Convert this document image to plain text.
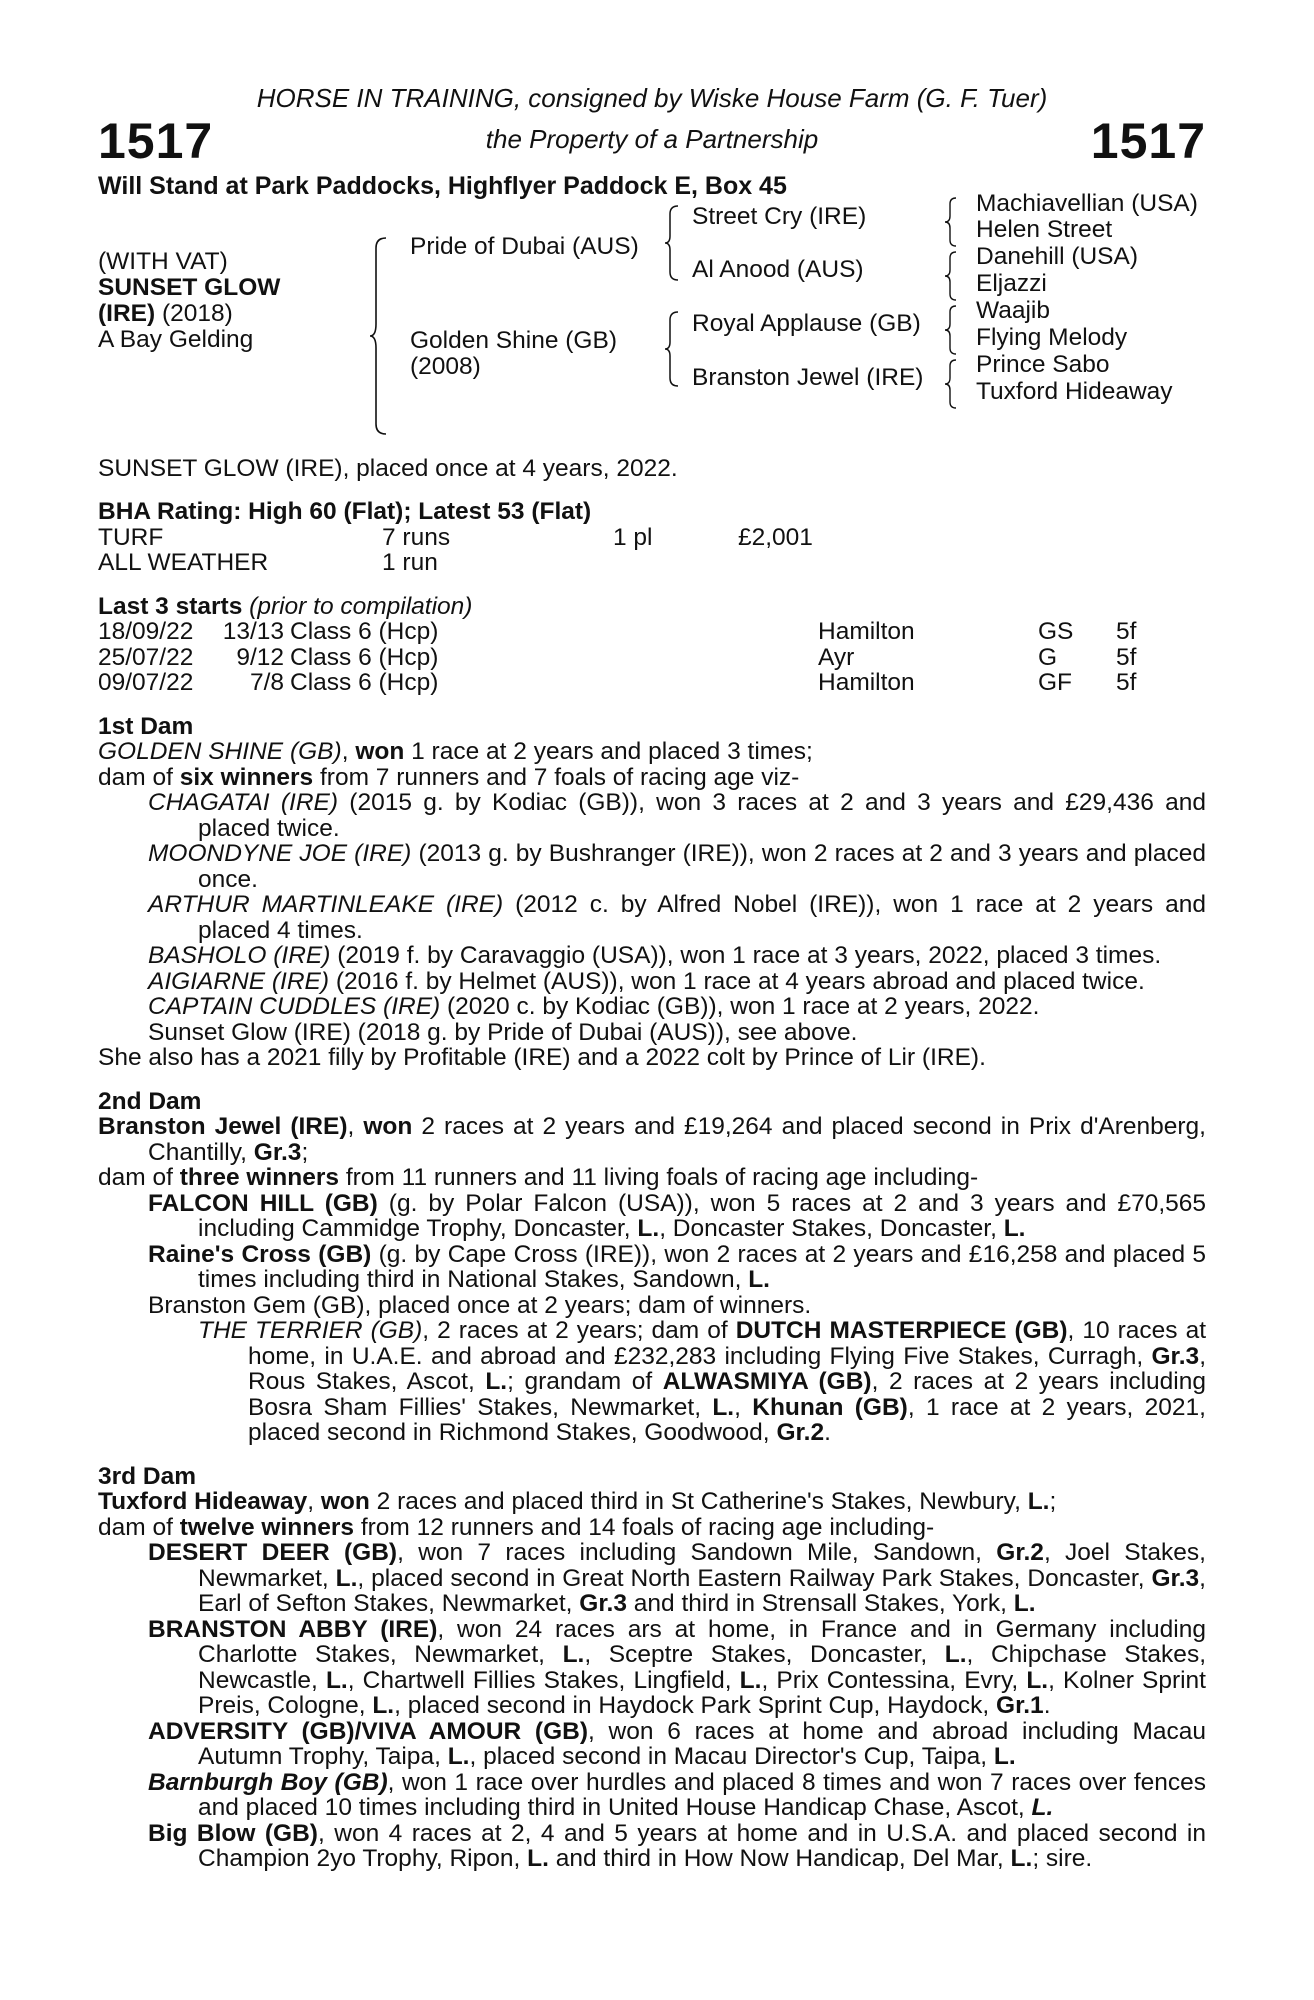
1517
HORSE IN TRAINING, consigned by Wiske House Farm (G. F. Tuer)
the Property of a Partnership	1517
Will Stand at Park Paddocks, Highflyer Paddock E, Box 45
(WITH VAT)
SUNSET GLOW
(IRE) (2018)
A Bay Gelding
Pride of Dubai (AUS)
Golden Shine (GB)
(2008)
Street Cry (IRE)
Al Anood (AUS)
Royal Applause (GB)
Branston Jewel (IRE)
Machiavellian (USA)
Helen Street
Danehill (USA)
Eljazzi
Waajib
Flying Melody
Prince Sabo
Tuxford Hideaway
SUNSET GLOW (IRE), placed once at 4 years, 2022.
BHA Rating: High 60 (Flat); Latest 53 (Flat)
TURF	7 runs	1 pl	£2,001
ALL WEATHER	1 run
Last 3 starts (prior to compilation)
18/09/22	13/13 Class 6 (Hcp)	Hamilton	GS 5f
25/07/22	9/12 Class 6 (Hcp)	Ayr	G 5f
09/07/22	7/8 Class 6 (Hcp)	Hamilton	GF 5f
1st Dam

GOLDEN SHINE (GB), won 1 race at 2 years and placed 3 times;

dam of six winners from 7 runners and 7 foals of racing age viz-

CHAGATAI (IRE) (2015 g. by Kodiac (GB)), won 3 races at 2 and 3 years and £29,436 and placed twice.

MOONDYNE JOE (IRE) (2013 g. by Bushranger (IRE)), won 2 races at 2 and 3 years and placed once.

ARTHUR MARTINLEAKE (IRE) (2012 c. by Alfred Nobel (IRE)), won 1 race at 2 years and placed 4 times.

BASHOLO (IRE) (2019 f. by Caravaggio (USA)), won 1 race at 3 years, 2022, placed 3 times.

AIGIARNE (IRE) (2016 f. by Helmet (AUS)), won 1 race at 4 years abroad and placed twice.

CAPTAIN CUDDLES (IRE) (2020 c. by Kodiac (GB)), won 1 race at 2 years, 2022.

Sunset Glow (IRE) (2018 g. by Pride of Dubai (AUS)), see above.

She also has a 2021 filly by Profitable (IRE) and a 2022 colt by Prince of Lir (IRE).

2nd Dam

Branston Jewel (IRE), won 2 races at 2 years and £19,264 and placed second in Prix d'Arenberg, Chantilly, Gr.3;

dam of three winners from 11 runners and 11 living foals of racing age including-

FALCON HILL (GB) (g. by Polar Falcon (USA)), won 5 races at 2 and 3 years and £70,565 including Cammidge Trophy, Doncaster, L., Doncaster Stakes, Doncaster, L.

Raine's Cross (GB) (g. by Cape Cross (IRE)), won 2 races at 2 years and £16,258 and placed 5 times including third in National Stakes, Sandown, L.

Branston Gem (GB), placed once at 2 years; dam of winners.

THE TERRIER (GB), 2 races at 2 years; dam of DUTCH MASTERPIECE (GB), 10 races at home, in U.A.E. and abroad and £232,283 including Flying Five Stakes, Curragh, Gr.3, Rous Stakes, Ascot, L.; grandam of ALWASMIYA (GB), 2 races at 2 years including Bosra Sham Fillies' Stakes, Newmarket, L., Khunan (GB), 1 race at 2 years, 2021, placed second in Richmond Stakes, Goodwood, Gr.2.

3rd Dam

Tuxford Hideaway, won 2 races and placed third in St Catherine's Stakes, Newbury, L.;

dam of twelve winners from 12 runners and 14 foals of racing age including-

DESERT DEER (GB), won 7 races including Sandown Mile, Sandown, Gr.2, Joel Stakes, Newmarket, L., placed second in Great North Eastern Railway Park Stakes, Doncaster, Gr.3, Earl of Sefton Stakes, Newmarket, Gr.3 and third in Strensall Stakes, York, L.

BRANSTON ABBY (IRE), won 24 races ars at home, in France and in Germany including Charlotte Stakes, Newmarket, L., Sceptre Stakes, Doncaster, L., Chipchase Stakes, Newcastle, L., Chartwell Fillies Stakes, Lingfield, L., Prix Contessina, Evry, L., Kolner Sprint Preis, Cologne, L., placed second in Haydock Park Sprint Cup, Haydock, Gr.1.

ADVERSITY (GB)/VIVA AMOUR (GB), won 6 races at home and abroad including Macau Autumn Trophy, Taipa, L., placed second in Macau Director's Cup, Taipa, L.

Barnburgh Boy (GB), won 1 race over hurdles and placed 8 times and won 7 races over fences and placed 10 times including third in United House Handicap Chase, Ascot, L.

Big Blow (GB), won 4 races at 2, 4 and 5 years at home and in U.S.A. and placed second in Champion 2yo Trophy, Ripon, L. and third in How Now Handicap, Del Mar, L.; sire.
